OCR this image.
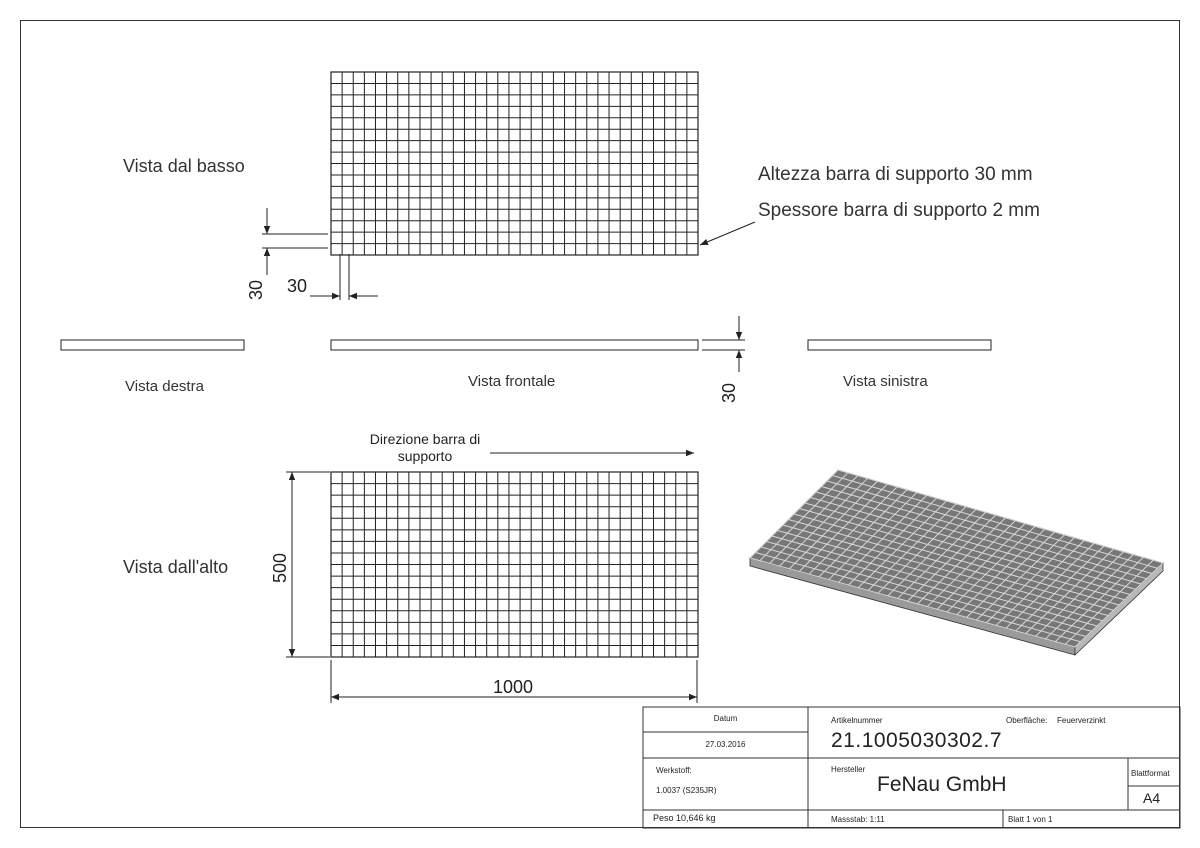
Vista dal basso
Vista dall'alto
Vista destra	Vista frontale	Vista sinistra
Altezza barra di supporto 30 mm
Spessore barra di supporto 2 mm
30 30
30
500
1000
Direzione barra di
supporto
Datum
27.03.2016
Artikelnummer
21.1005030302.7
Oberfläche: Feuerverzinkt
Werkstoff:
1.0037 (S235JR)
Hersteller
FeNau GmbH	Blattformat
A4
Peso 10,646 kg	Massstab: 1:11	Blatt 1 von 1
